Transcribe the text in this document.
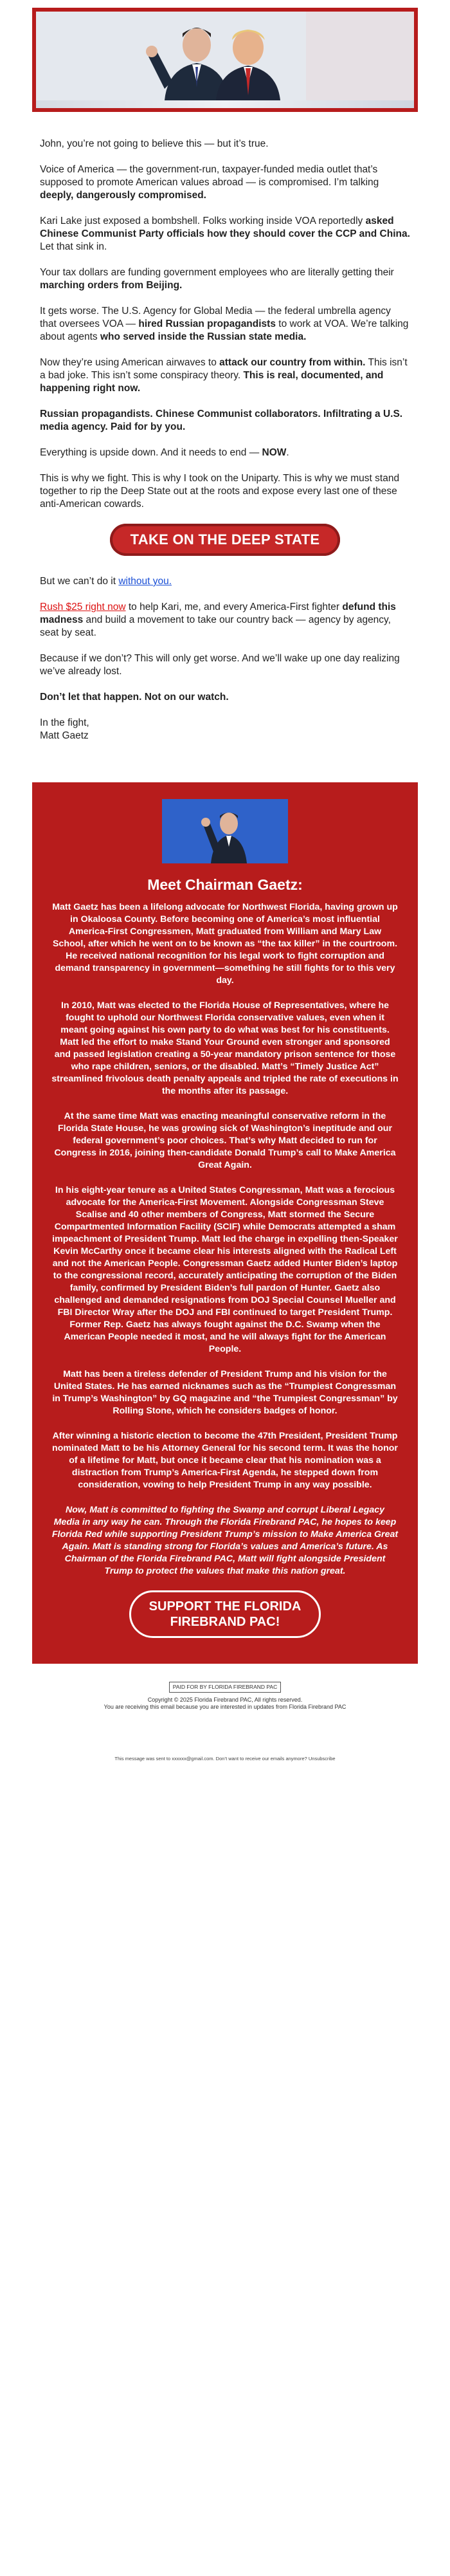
John, you’re not going to believe this — but it’s true.

Voice of America — the government-run, taxpayer-funded media outlet that’s supposed to promote American values abroad — is compromised. I’m talking deeply, dangerously compromised.

Kari Lake just exposed a bombshell. Folks working inside VOA reportedly asked Chinese Communist Party officials how they should cover the CCP and China. Let that sink in.

Your tax dollars are funding government employees who are literally getting their marching orders from Beijing.

It gets worse. The U.S. Agency for Global Media — the federal umbrella agency that oversees VOA — hired Russian propagandists to work at VOA. We’re talking about agents who served inside the Russian state media.

Now they’re using American airwaves to attack our country from within. This isn’t a bad joke. This isn’t some conspiracy theory. This is real, documented, and happening right now.

Russian propagandists. Chinese Communist collaborators. Infiltrating a U.S. media agency. Paid for by you.

Everything is upside down. And it needs to end — NOW.

This is why we fight. This is why I took on the Uniparty. This is why we must stand together to rip the Deep State out at the roots and expose every last one of these anti-American cowards.

TAKE ON THE DEEP STATE

But we can’t do it without you.

Rush $25 right now to help Kari, me, and every America-First fighter defund this madness and build a movement to take our country back — agency by agency, seat by seat.

Because if we don’t? This will only get worse. And we’ll wake up one day realizing we’ve already lost.

Don’t let that happen. Not on our watch.

In the fight,
Matt Gaetz

Meet Chairman Gaetz:

Matt Gaetz has been a lifelong advocate for Northwest Florida, having grown up in Okaloosa County. Before becoming one of America’s most influential America-First Congressmen, Matt graduated from William and Mary Law School, after which he went on to be known as “the tax killer” in the courtroom. He received national recognition for his legal work to fight corruption and demand transparency in government—something he still fights for to this very day.

In 2010, Matt was elected to the Florida House of Representatives, where he fought to uphold our Northwest Florida conservative values, even when it meant going against his own party to do what was best for his constituents. Matt led the effort to make Stand Your Ground even stronger and sponsored and passed legislation creating a 50-year mandatory prison sentence for those who rape children, seniors, or the disabled. Matt’s “Timely Justice Act” streamlined frivolous death penalty appeals and tripled the rate of executions in the months after its passage.

At the same time Matt was enacting meaningful conservative reform in the Florida State House, he was growing sick of Washington’s ineptitude and our federal government’s poor choices. That’s why Matt decided to run for Congress in 2016, joining then-candidate Donald Trump’s call to Make America Great Again.

In his eight-year tenure as a United States Congressman, Matt was a ferocious advocate for the America-First Movement. Alongside Congressman Steve Scalise and 40 other members of Congress, Matt stormed the Secure Compartmented Information Facility (SCIF) while Democrats attempted a sham impeachment of President Trump. Matt led the charge in expelling then-Speaker Kevin McCarthy once it became clear his interests aligned with the Radical Left and not the American People. Congressman Gaetz added Hunter Biden’s laptop to the congressional record, accurately anticipating the corruption of the Biden family, confirmed by President Biden’s full pardon of Hunter. Gaetz also challenged and demanded resignations from DOJ Special Counsel Mueller and FBI Director Wray after the DOJ and FBI continued to target President Trump. Former Rep. Gaetz has always fought against the D.C. Swamp when the American People needed it most, and he will always fight for the American People.

Matt has been a tireless defender of President Trump and his vision for the United States. He has earned nicknames such as the “Trumpiest Congressman in Trump’s Washington” by GQ magazine and “the Trumpiest Congressman” by Rolling Stone, which he considers badges of honor.

After winning a historic election to become the 47th President, President Trump nominated Matt to be his Attorney General for his second term. It was the honor of a lifetime for Matt, but once it became clear that his nomination was a distraction from Trump’s America-First Agenda, he stepped down from consideration, vowing to help President Trump in any way possible.

Now, Matt is committed to fighting the Swamp and corrupt Liberal Legacy Media in any way he can. Through the Florida Firebrand PAC, he hopes to keep Florida Red while supporting President Trump’s mission to Make America Great Again. Matt is standing strong for Florida’s values and America’s future. As Chairman of the Florida Firebrand PAC, Matt will fight alongside President Trump to protect the values that make this nation great.

SUPPORT THE FLORIDA
FIREBRAND PAC!
PAID FOR BY FLORIDA FIREBRAND PAC
Copyright © 2025 Florida Firebrand PAC, All rights reserved.
You are receiving this email because you are interested in updates from Florida Firebrand PAC
This message was sent to xxxxxx@gmail.com. Don’t want to receive our emails anymore? Unsubscribe
